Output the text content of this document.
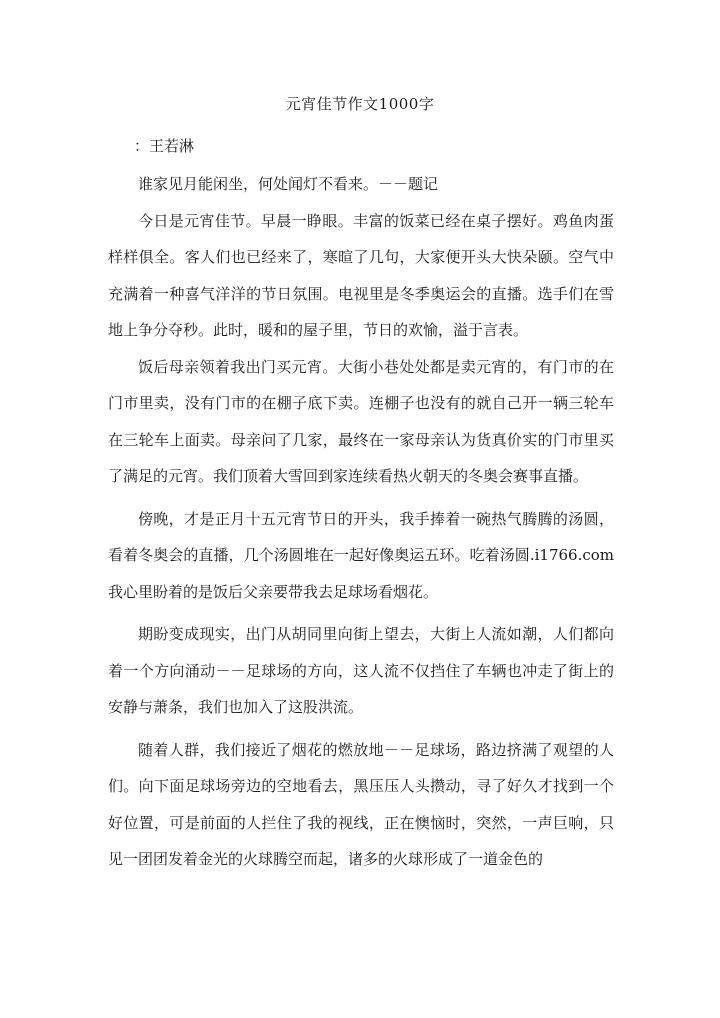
元宵佳节作文1000字
：王若淋

谁家见月能闲坐，何处闻灯不看来。－－题记

今日是元宵佳节。早晨一睁眼。丰富的饭菜已经在桌子摆好。鸡鱼肉蛋样样俱全。客人们也已经来了，寒暄了几句，大家便开头大快朵颐。空气中充满着一种喜气洋洋的节日氛围。电视里是冬季奥运会的直播。选手们在雪地上争分夺秒。此时，暖和的屋子里，节日的欢愉，溢于言表。

饭后母亲领着我出门买元宵。大街小巷处处都是卖元宵的，有门市的在门市里卖，没有门市的在棚子底下卖。连棚子也没有的就自己开一辆三轮车在三轮车上面卖。母亲问了几家，最终在一家母亲认为货真价实的门市里买了满足的元宵。我们顶着大雪回到家连续看热火朝天的冬奥会赛事直播。

傍晚，才是正月十五元宵节日的开头，我手捧着一碗热气腾腾的汤圆，看着冬奥会的直播，几个汤圆堆在一起好像奥运五环。吃着汤圆.i1766.com我心里盼着的是饭后父亲要带我去足球场看烟花。

期盼变成现实，出门从胡同里向街上望去，大街上人流如潮，人们都向着一个方向涌动－－足球场的方向，这人流不仅挡住了车辆也冲走了街上的安静与萧条，我们也加入了这股洪流。

随着人群，我们接近了烟花的燃放地－－足球场，路边挤满了观望的人们。向下面足球场旁边的空地看去，黑压压人头攒动，寻了好久才找到一个好位置，可是前面的人拦住了我的视线，正在懊恼时，突然，一声巨响，只见一团团发着金光的火球腾空而起，诸多的火球形成了一道金色的
